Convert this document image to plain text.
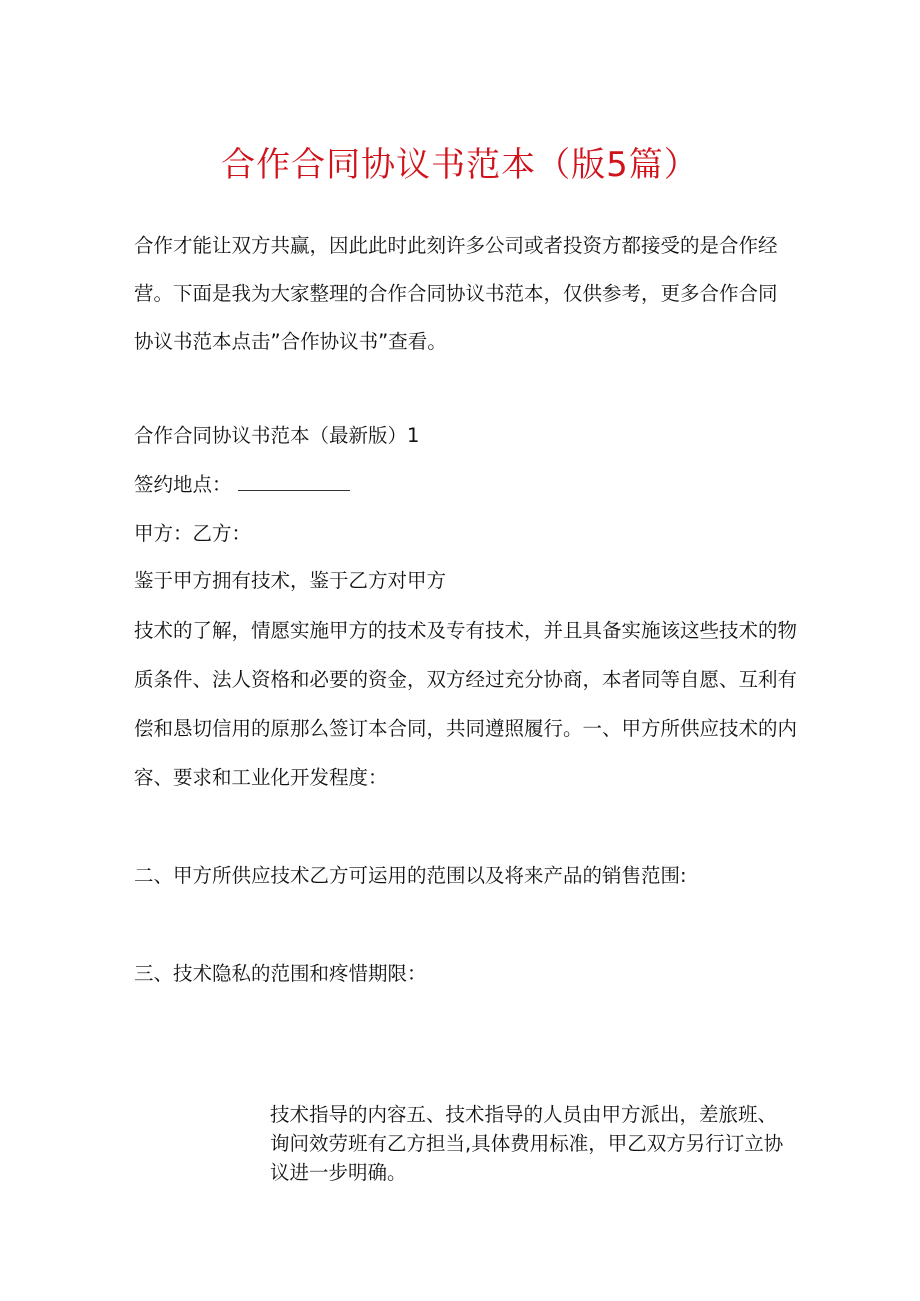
合作合同协议书范本（版5篇）

合作才能让双方共赢，因此此时此刻许多公司或者投资方都接受的是合作经营。下面是我为大家整理的合作合同协议书范本，仅供参考，更多合作合同协议书范本点击”合作协议书”查看。

合作合同协议书范本（最新版）1
签约地点：
甲方：乙方：
鉴于甲方拥有技术，鉴于乙方对甲方

技术的了解，情愿实施甲方的技术及专有技术，并且具备实施该这些技术的物质条件、法人资格和必要的资金，双方经过充分协商，本者同等自愿、互利有偿和恳切信用的原那么签订本合同，共同遵照履行。一、甲方所供应技术的内容、要求和工业化开发程度：

二、甲方所供应技术乙方可运用的范围以及将来产品的销售范围:
三、技术隐私的范围和疼惜期限：

技术指导的内容五、技术指导的人员由甲方派出，差旅班、询问效劳班有乙方担当,具体费用标准，甲乙双方另行订立协议进一步明确。
